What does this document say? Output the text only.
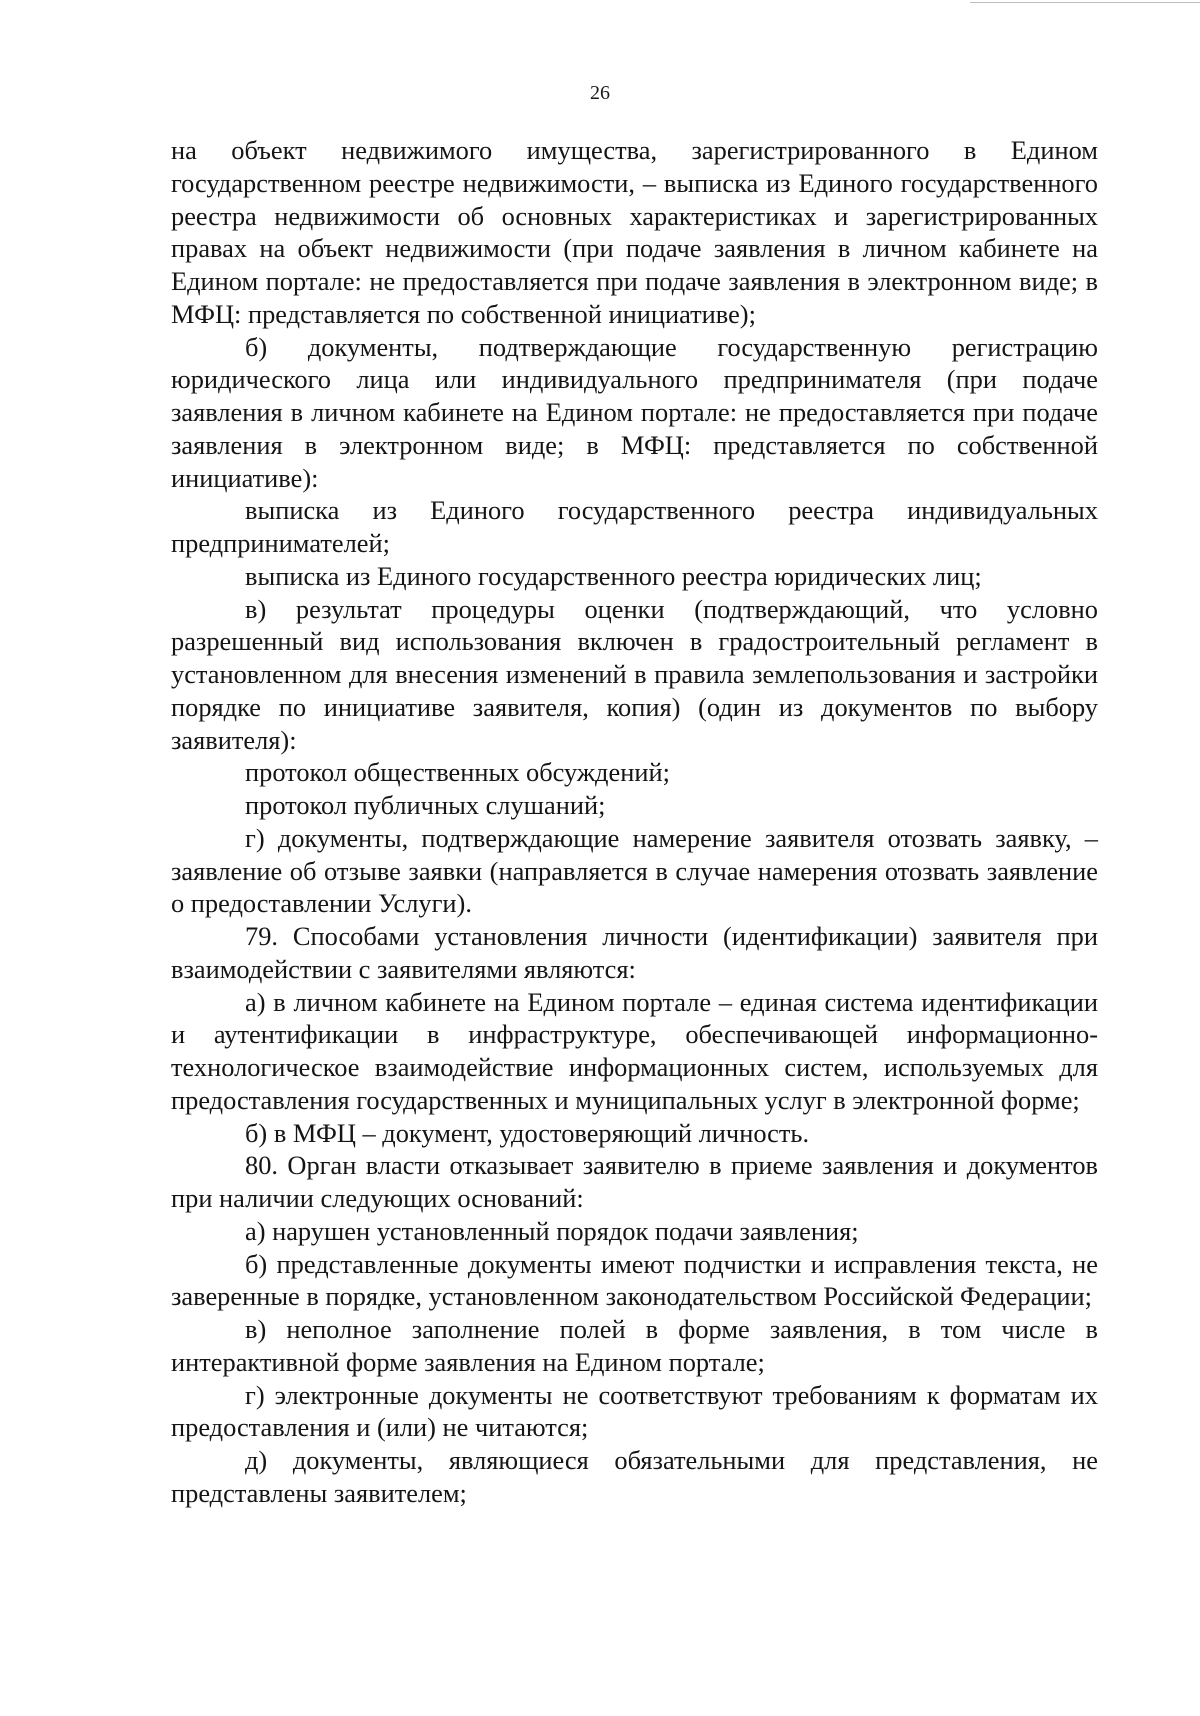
26

на объект недвижимого имущества, зарегистрированного в Едином государственном реестре недвижимости, – выписка из Единого государственного реестра недвижимости об основных характеристиках и зарегистрированных правах на объект недвижимости (при подаче заявления в личном кабинете на Едином портале: не предоставляется при подаче заявления в электронном виде; в МФЦ: представляется по собственной инициативе);

б) документы, подтверждающие государственную регистрацию юридического лица или индивидуального предпринимателя (при подаче заявления в личном кабинете на Едином портале: не предоставляется при подаче заявления в электронном виде; в МФЦ: представляется по собственной инициативе):

выписка из Единого государственного реестра индивидуальных предпринимателей;

выписка из Единого государственного реестра юридических лиц;

в) результат процедуры оценки (подтверждающий, что условно разрешенный вид использования включен в градостроительный регламент в установленном для внесения изменений в правила землепользования и застройки порядке по инициативе заявителя, копия) (один из документов по выбору заявителя):

протокол общественных обсуждений;

протокол публичных слушаний;

г) документы, подтверждающие намерение заявителя отозвать заявку, – заявление об отзыве заявки (направляется в случае намерения отозвать заявление о предоставлении Услуги).

79. Способами установления личности (идентификации) заявителя при взаимодействии с заявителями являются:

а) в личном кабинете на Едином портале – единая система идентификации и аутентификации в инфраструктуре, обеспечивающей информационно-технологическое взаимодействие информационных систем, используемых для предоставления государственных и муниципальных услуг в электронной форме;

б) в МФЦ – документ, удостоверяющий личность.

80. Орган власти отказывает заявителю в приеме заявления и документов при наличии следующих оснований:

а) нарушен установленный порядок подачи заявления;

б) представленные документы имеют подчистки и исправления текста, не заверенные в порядке, установленном законодательством Российской Федерации;

в) неполное заполнение полей в форме заявления, в том числе в интерактивной форме заявления на Едином портале;

г) электронные документы не соответствуют требованиям к форматам их предоставления и (или) не читаются;

д) документы, являющиеся обязательными для представления, не представлены заявителем;
